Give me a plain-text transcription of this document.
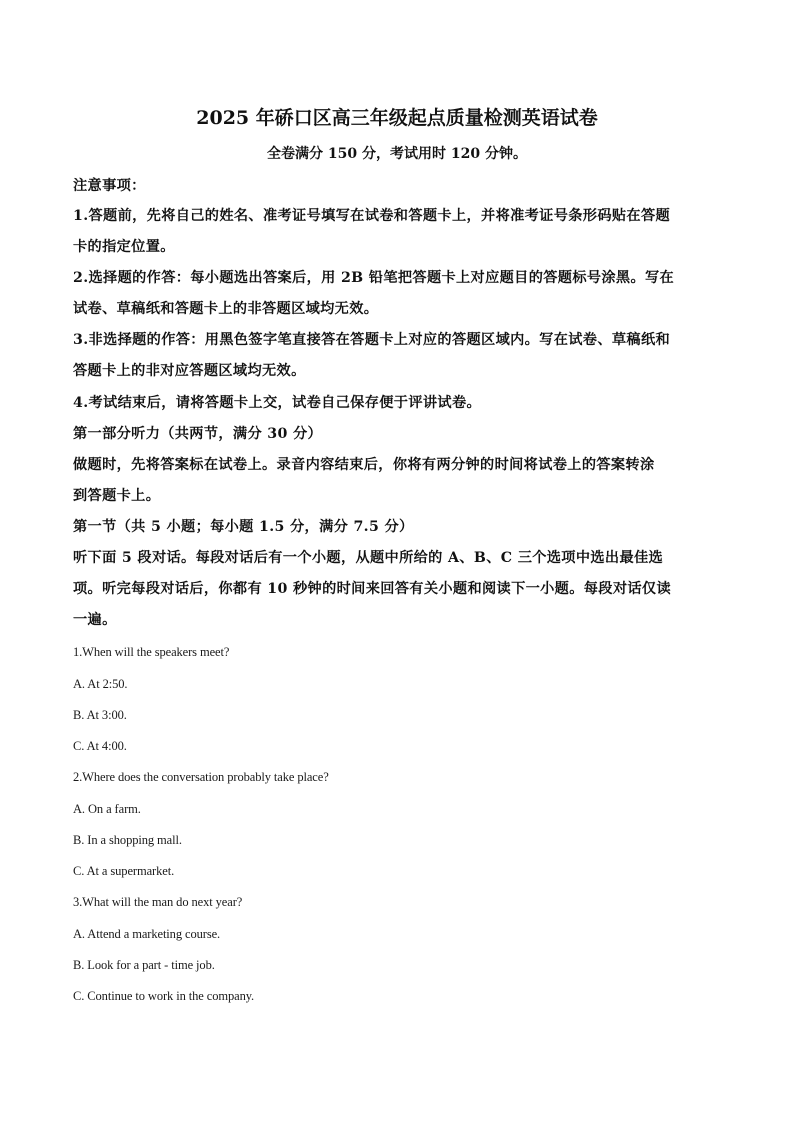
2025 年硚口区高三年级起点质量检测英语试卷
全卷满分 150 分，考试用时 120 分钟。
注意事项：
1.答题前，先将自己的姓名、准考证号填写在试卷和答题卡上，并将准考证号条形码贴在答题
卡的指定位置。
2.选择题的作答：每小题选出答案后，用 2B 铅笔把答题卡上对应题目的答题标号涂黑。写在
试卷、草稿纸和答题卡上的非答题区域均无效。
3.非选择题的作答：用黑色签字笔直接答在答题卡上对应的答题区域内。写在试卷、草稿纸和
答题卡上的非对应答题区域均无效。
4.考试结束后，请将答题卡上交，试卷自己保存便于评讲试卷。
第一部分听力（共两节，满分 30 分）
做题时，先将答案标在试卷上。录音内容结束后，你将有两分钟的时间将试卷上的答案转涂
到答题卡上。
第一节（共 5 小题；每小题 1.5 分，满分 7.5 分）
听下面 5 段对话。每段对话后有一个小题，从题中所给的 A、B、C 三个选项中选出最佳选
项。听完每段对话后，你都有 10 秒钟的时间来回答有关小题和阅读下一小题。每段对话仅读
一遍。
1.When will the speakers meet?
A. At 2:50.
B. At 3:00.
C. At 4:00.
2.Where does the conversation probably take place?
A. On a farm.
B. In a shopping mall.
C. At a supermarket.
3.What will the man do next year?
A. Attend a marketing course.
B. Look for a part - time job.
C. Continue to work in the company.
